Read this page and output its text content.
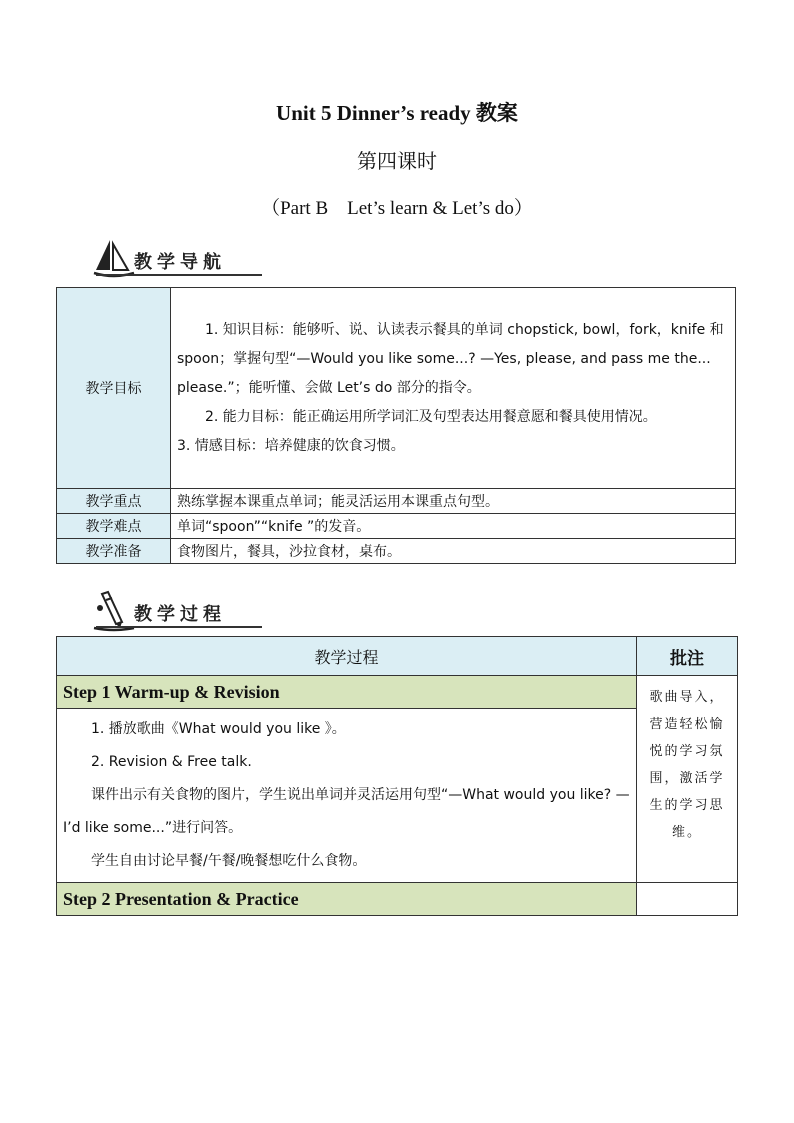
Unit 5 Dinner’s ready 教案
第四课时
（Part B　Let’s learn & Let’s do）
教学导航
教学目标	1. 知识目标：能够听、说、认读表示餐具的单词 chopstick, bowl，fork，knife 和 spoon；掌握句型“—Would you like some...? —Yes, please, and pass me the... please.”；能听懂、会做 Let’s do 部分的指令。

2. 能力目标：能正确运用所学词汇及句型表达用餐意愿和餐具使用情况。

3. 情感目标：培养健康的饮食习惯。

教学重点	熟练掌握本课重点单词；能灵活运用本课重点句型。
教学难点	单词“spoon”“knife ”的发音。
教学准备	食物图片，餐具，沙拉食材，桌布。
教学过程
教学过程	批注
Step 1 Warm-up & Revision	歌曲导入，营造轻松愉悦的学习氛围，激活学生的学习思维。

1. 播放歌曲《What would you like 》。

2. Revision & Free talk.

课件出示有关食物的图片，学生说出单词并灵活运用句型“—What would you like? —I’d like some...”进行问答。

学生自由讨论早餐/午餐/晚餐想吃什么食物。	

Step 2 Presentation & Practice	
